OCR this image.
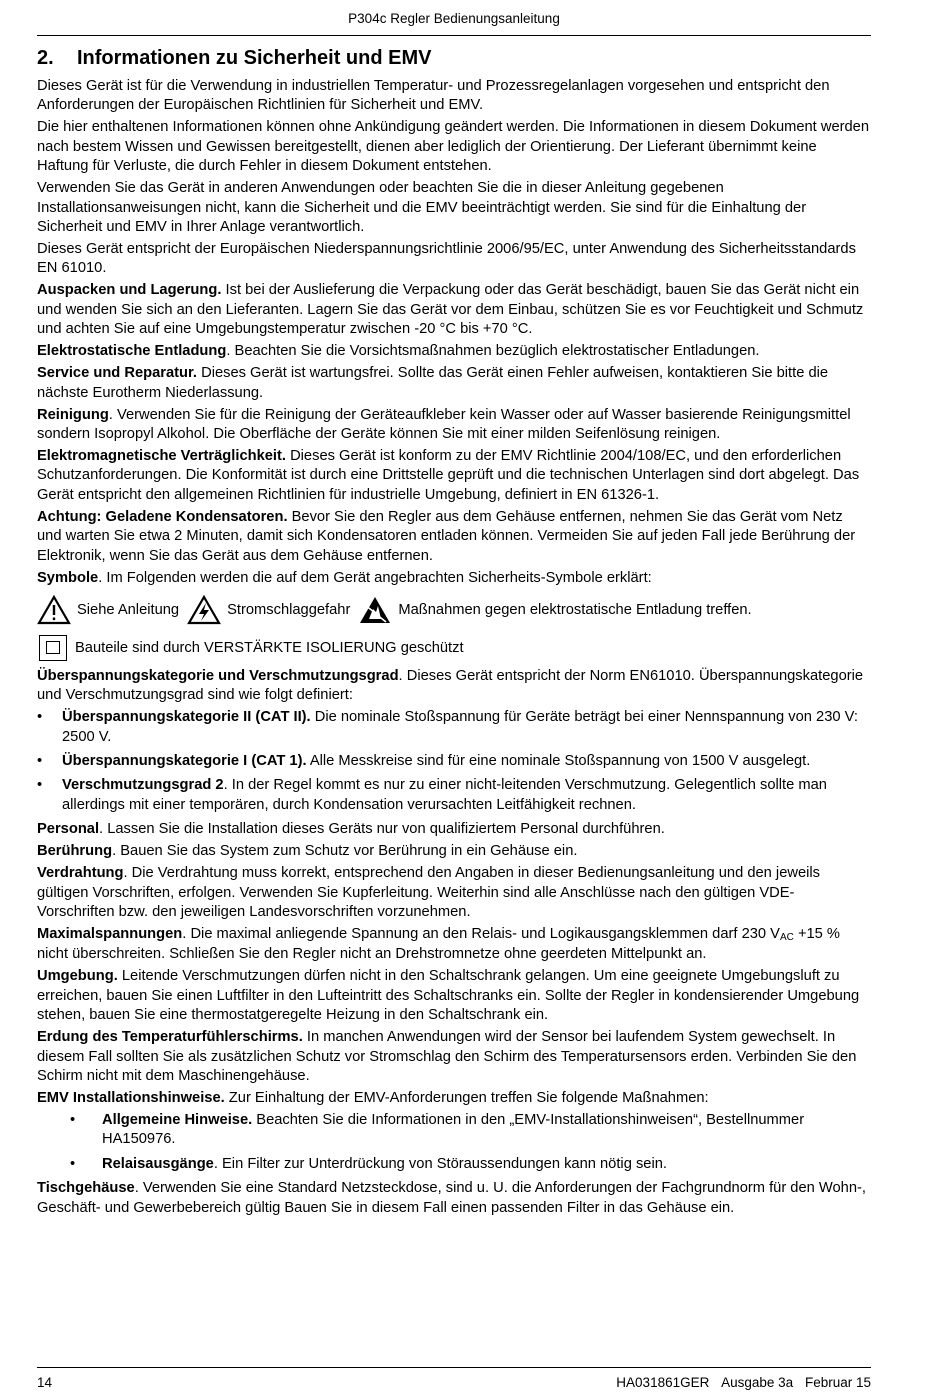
P304c Regler Bedienungsanleitung
2. Informationen zu Sicherheit und EMV

Dieses Gerät ist für die Verwendung in industriellen Temperatur- und Prozessregelanlagen vorgesehen und entspricht den Anforderungen der Europäischen Richtlinien für Sicherheit und EMV.

Die hier enthaltenen Informationen können ohne Ankündigung geändert werden. Die Informationen in diesem Dokument werden nach bestem Wissen und Gewissen bereitgestellt, dienen aber lediglich der Orientierung. Der Lieferant übernimmt keine Haftung für Verluste, die durch Fehler in diesem Dokument entstehen.

Verwenden Sie das Gerät in anderen Anwendungen oder beachten Sie die in dieser Anleitung gegebenen Installationsanweisungen nicht, kann die Sicherheit und die EMV beeinträchtigt werden. Sie sind für die Einhaltung der Sicherheit und EMV in Ihrer Anlage verantwortlich.

Dieses Gerät entspricht der Europäischen Niederspannungsrichtlinie 2006/95/EC, unter Anwendung des Sicherheitsstandards EN 61010.

Auspacken und Lagerung. Ist bei der Auslieferung die Verpackung oder das Gerät beschädigt, bauen Sie das Gerät nicht ein und wenden Sie sich an den Lieferanten. Lagern Sie das Gerät vor dem Einbau, schützen Sie es vor Feuchtigkeit und Schmutz und achten Sie auf eine Umgebungstemperatur zwischen -20 °C bis +70 °C.

Elektrostatische Entladung. Beachten Sie die Vorsichtsmaßnahmen bezüglich elektrostatischer Entladungen.

Service und Reparatur. Dieses Gerät ist wartungsfrei. Sollte das Gerät einen Fehler aufweisen, kontaktieren Sie bitte die nächste Eurotherm Niederlassung.

Reinigung. Verwenden Sie für die Reinigung der Geräteaufkleber kein Wasser oder auf Wasser basierende Reinigungsmittel sondern Isopropyl Alkohol. Die Oberfläche der Geräte können Sie mit einer milden Seifenlösung reinigen.

Elektromagnetische Verträglichkeit. Dieses Gerät ist konform zu der EMV Richtlinie 2004/108/EC, und den erforderlichen Schutzanforderungen. Die Konformität ist durch eine Drittstelle geprüft und die technischen Unterlagen sind dort abgelegt. Das Gerät entspricht den allgemeinen Richtlinien für industrielle Umgebung, definiert in EN 61326-1.

Achtung: Geladene Kondensatoren. Bevor Sie den Regler aus dem Gehäuse entfernen, nehmen Sie das Gerät vom Netz und warten Sie etwa 2 Minuten, damit sich Kondensatoren entladen können. Vermeiden Sie auf jeden Fall jede Berührung der Elektronik, wenn Sie das Gerät aus dem Gehäuse entfernen.

Symbole. Im Folgenden werden die auf dem Gerät angebrachten Sicherheits-Symbole erklärt:

Siehe Anleitung	Stromschlaggefahr	Maßnahmen gegen elektrostatische Entladung treffen.
Bauteile sind durch VERSTÄRKTE ISOLIERUNG geschützt

Überspannungskategorie und Verschmutzungsgrad. Dieses Gerät entspricht der Norm EN61010. Überspannungskategorie und Verschmutzungsgrad sind wie folgt definiert:

• Überspannungskategorie II (CAT II). Die nominale Stoßspannung für Geräte beträgt bei einer Nennspannung von 230 V: 2500 V.
• Überspannungskategorie I (CAT 1). Alle Messkreise sind für eine nominale Stoßspannung von 1500 V ausgelegt.
• Verschmutzungsgrad 2. In der Regel kommt es nur zu einer nicht-leitenden Verschmutzung. Gelegentlich sollte man allerdings mit einer temporären, durch Kondensation verursachten Leitfähigkeit rechnen.

Personal. Lassen Sie die Installation dieses Geräts nur von qualifiziertem Personal durchführen.

Berührung. Bauen Sie das System zum Schutz vor Berührung in ein Gehäuse ein.

Verdrahtung. Die Verdrahtung muss korrekt, entsprechend den Angaben in dieser Bedienungsanleitung und den jeweils gültigen Vorschriften, erfolgen. Verwenden Sie Kupferleitung. Weiterhin sind alle Anschlüsse nach den gültigen VDE-Vorschriften bzw. den jeweiligen Landesvorschriften vorzunehmen.

Maximalspannungen. Die maximal anliegende Spannung an den Relais- und Logikausgangsklemmen darf 230 $V_{AC} +15$ % nicht überschreiten. Schließen Sie den Regler nicht an Drehstromnetze ohne geerdeten Mittelpunkt an.

Umgebung. Leitende Verschmutzungen dürfen nicht in den Schaltschrank gelangen. Um eine geeignete Umgebungsluft zu erreichen, bauen Sie einen Luftfilter in den Lufteintritt des Schaltschranks ein. Sollte der Regler in kondensierender Umgebung stehen, bauen Sie eine thermostatgeregelte Heizung in den Schaltschrank ein.

Erdung des Temperaturfühlerschirms. In manchen Anwendungen wird der Sensor bei laufendem System gewechselt. In diesem Fall sollten Sie als zusätzlichen Schutz vor Stromschlag den Schirm des Temperatursensors erden. Verbinden Sie den Schirm nicht mit dem Maschinengehäuse.

EMV Installationshinweise. Zur Einhaltung der EMV-Anforderungen treffen Sie folgende Maßnahmen:

• Allgemeine Hinweise. Beachten Sie die Informationen in den „EMV-Installationshinweisen“, Bestellnummer HA150976.
• Relaisausgänge. Ein Filter zur Unterdrückung von Störaussendungen kann nötig sein.

Tischgehäuse. Verwenden Sie eine Standard Netzsteckdose, sind u. U. die Anforderungen der Fachgrundnorm für den Wohn-, Geschäft- und Gewerbebereich gültig Bauen Sie in diesem Fall einen passenden Filter in das Gehäuse ein.

14	HA031861GER Ausgabe 3a Februar 15
